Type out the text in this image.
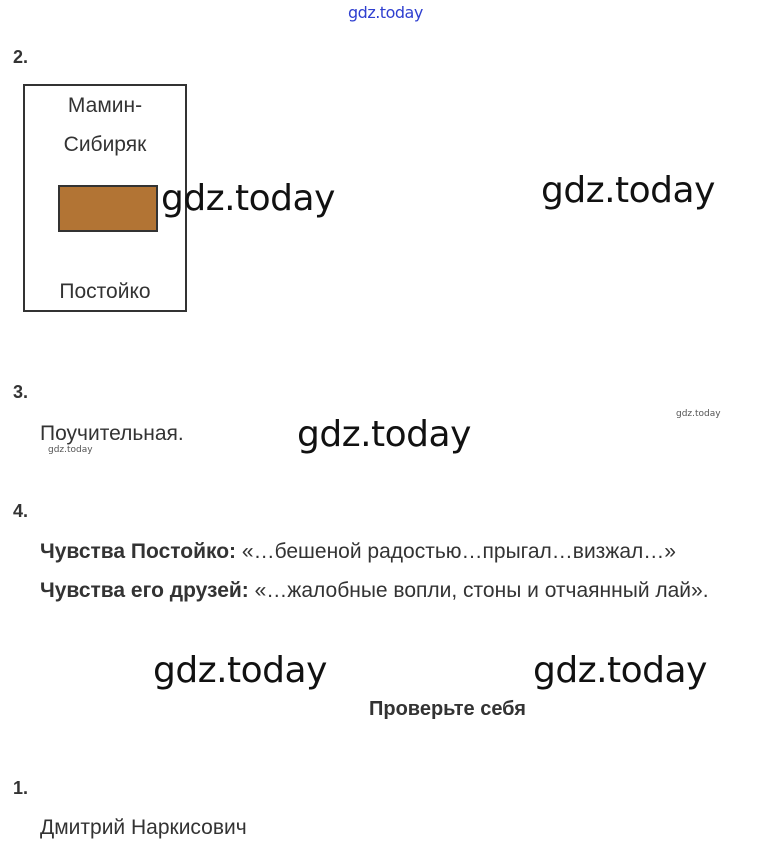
gdz.today
2.
Мамин-
Сибиряк
Постойко
gdz.today	gdz.today
3.
Поучительная.
gdz.today	gdz.today	gdz.today
4.
Чувства Постойко: «…бешеной радостью…прыгал…визжал…»
Чувства его друзей: «…жалобные вопли, стоны и отчаянный лай».
gdz.today	gdz.today
Проверьте себя
1.
Дмитрий Наркисович
